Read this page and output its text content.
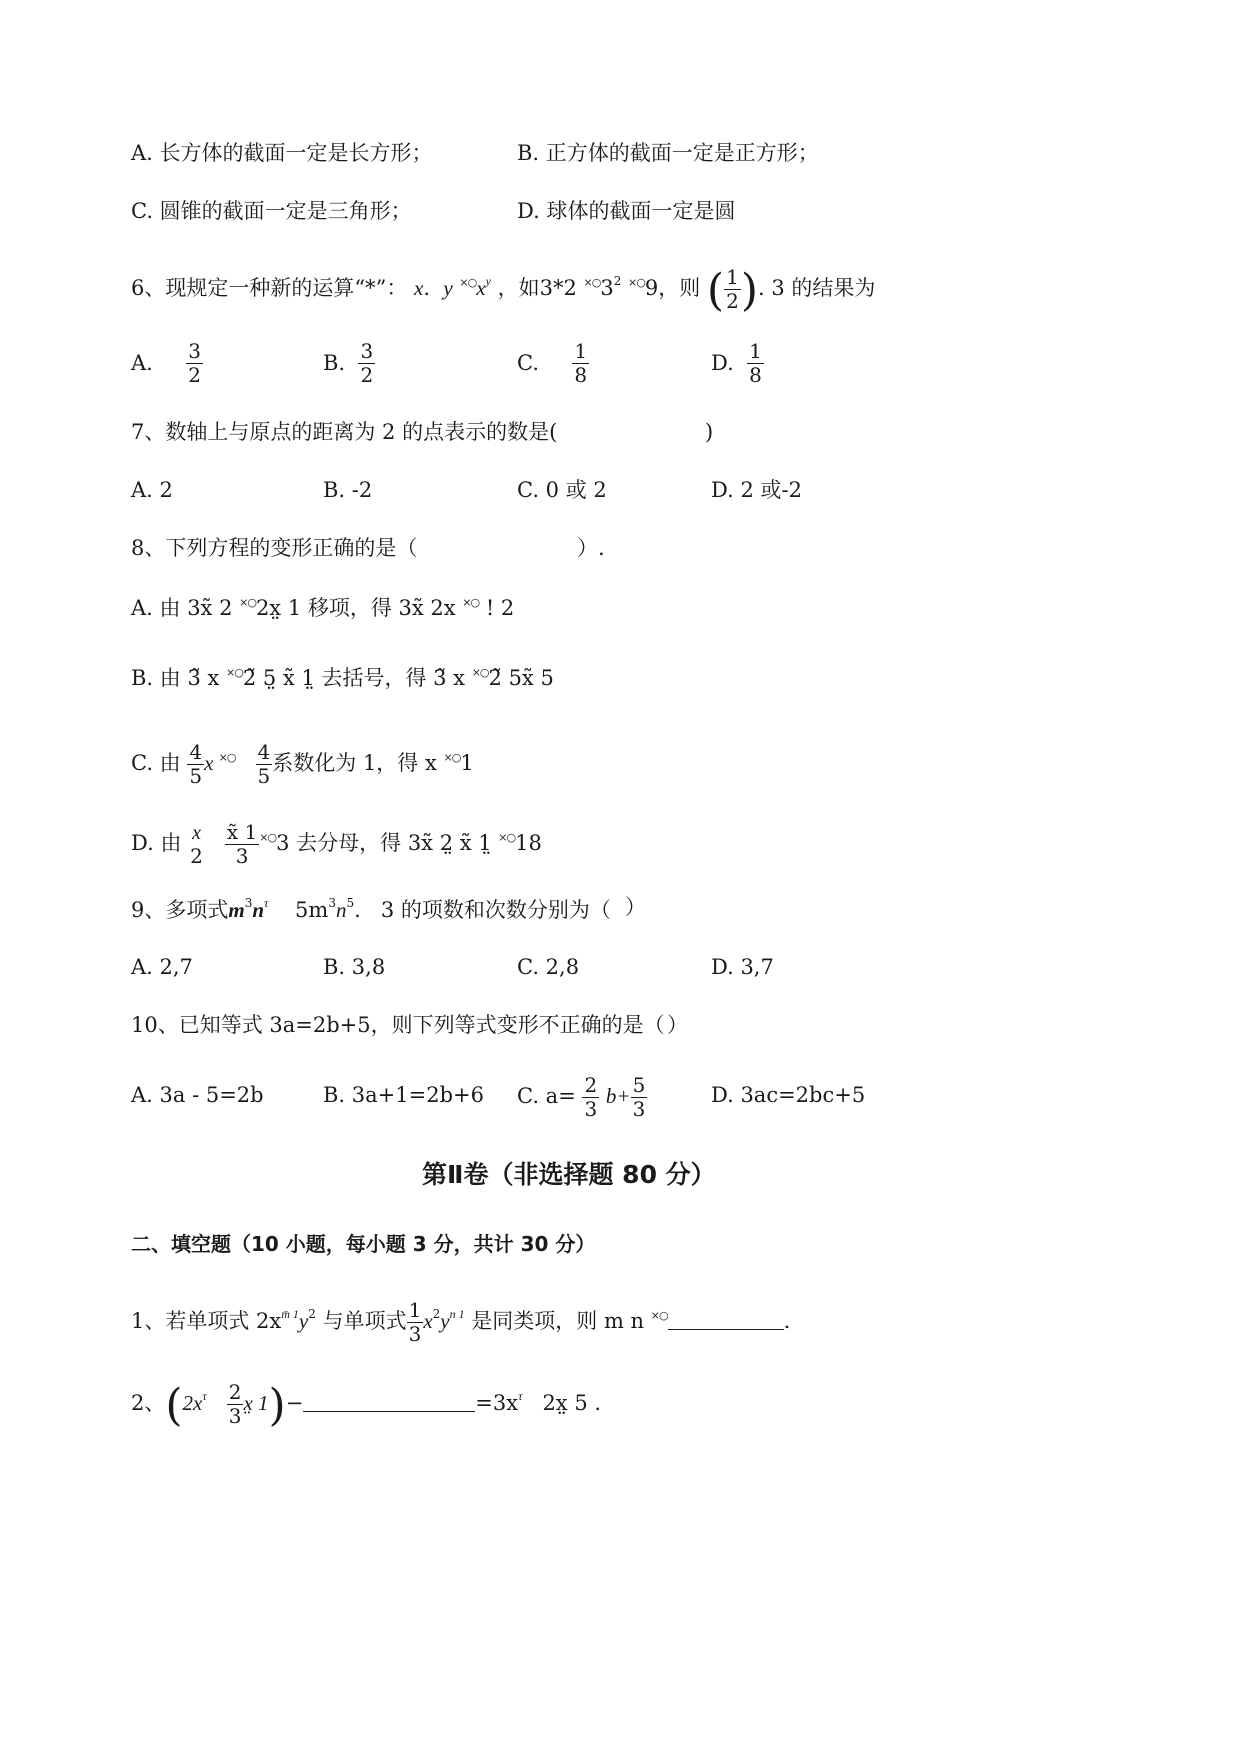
A. 长方体的截面一定是长方形；	B. 正方体的截面一定是正方形；
C. 圆锥的截面一定是三角形；	D. 球体的截面一定是圆
6、现规定一种新的运算“*”： x.  y $^{\times○}x^y$ ，如3*2 $^{\times○}3^2$ ×○9，则 ( $\frac{1}{2}$ ). 3 的结果为
A. $\frac{3}{2}$	B. $\frac{3}{2}$	C. $\frac{1}{8}$	D. $\frac{1}{8}$
7、数轴上与原点的距离为 2 的点表示的数是(	)
A. 2	B. -2	C. 0 或 2	D. 2 或-2
8、下列方程的变形正确的是（	）.
A. 由 3x̃ 2 ×○2x̤ 1 移项，得 3x̃ 2x ×○ ! 2
B. 由 3̃ x ×○2̃ 5̤ x̃ 1̤ 去括号，得 3̃ x ×○2̃ 5x̃ 5
C. 由 $\frac{4}{5}$ x $^{\times○} \frac{4}{5}$ 系数化为 1，得 x ×○1
D. 由 x
2
$\frac{x̃ 1}{3} ^{\times○}3$ 去分母，得 3x̃ 2̤ x̃ 1̤ ×○18
9、多项式$m^3n^\tau$ $5m^3n^5$.   3 的项数和次数分别为（ ）
A. 2,7	B. 3,8	C. 2,8	D. 3,7
10、已知等式 3a=2b+5，则下列等式变形不正确的是（ ）
A. 3a - 5=2b	B. 3a+1=2b+6 C. $a= \frac{2}{3} b+ \frac{5}{3}$	D. 3ac=2bc+5
第Ⅱ卷（非选择题 80 分）
二、填空题（10 小题，每小题 3 分，共计 30 分）
1、若单项式 $2x^{m̄ 1}y^2$ 与单项式 $\frac{1}{3} x^2y^{n 1}$ 是同类项，则 m n ×○	.
2、($2x^\tau \frac{2}{3}$ x̤ 1)−	$=3x^\tau$ 2x̤ 5 .
